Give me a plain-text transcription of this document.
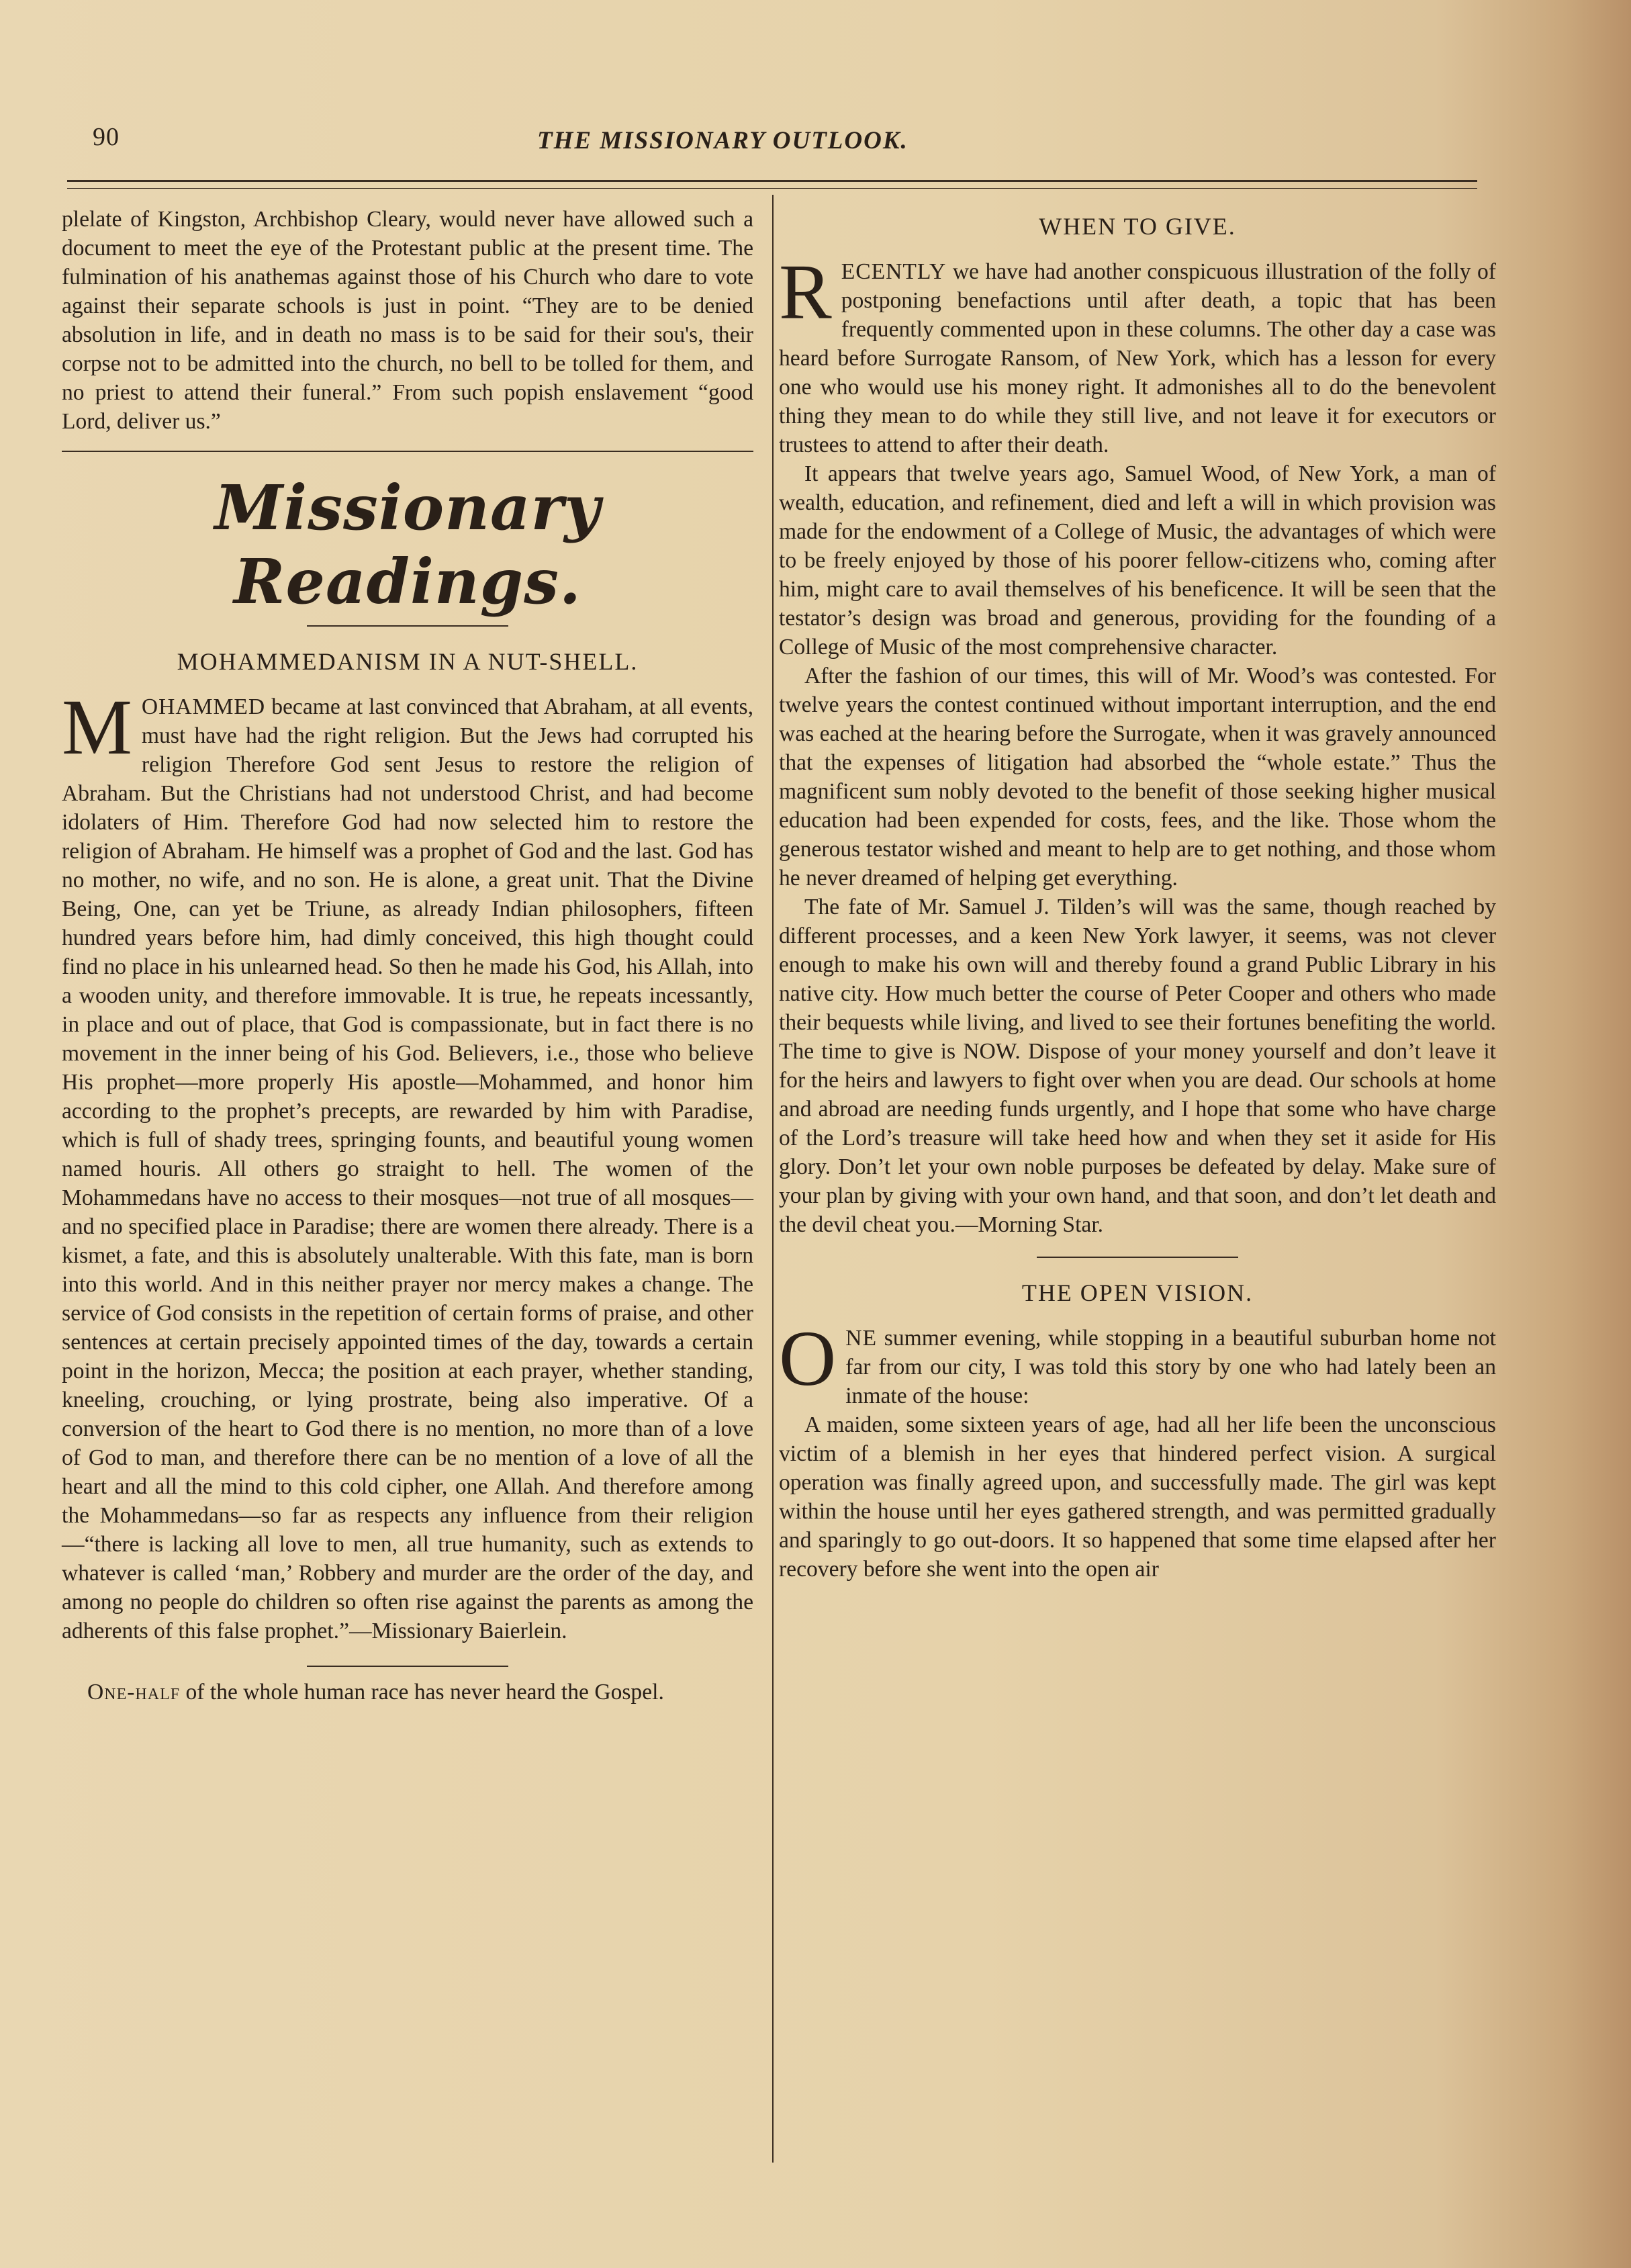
90	THE MISSIONARY OUTLOOK.

plelate of Kingston, Archbishop Cleary, would never have allowed such a document to meet the eye of the Protestant public at the present time. The fulmination of his anathemas against those of his Church who dare to vote against their separate schools is just in point. “They are to be denied absolution in life, and in death no mass is to be said for their sou's, their corpse not to be admitted into the church, no bell to be tolled for them, and no priest to attend their funeral.” From such popish enslavement “good Lord, deliver us.”

Missionary Readings.
MOHAMMEDANISM IN A NUT-SHELL.

MOHAMMED became at last convinced that Abraham, at all events, must have had the right religion. But the Jews had corrupted his religion Therefore God sent Jesus to restore the religion of Abraham. But the Christians had not understood Christ, and had become idolaters of Him. Therefore God had now selected him to restore the religion of Abraham. He himself was a prophet of God and the last. God has no mother, no wife, and no son. He is alone, a great unit. That the Divine Being, One, can yet be Triune, as already Indian philosophers, fifteen hundred years before him, had dimly conceived, this high thought could find no place in his unlearned head. So then he made his God, his Allah, into a wooden unity, and therefore immovable. It is true, he repeats incessantly, in place and out of place, that God is compassionate, but in fact there is no movement in the inner being of his God. Believers, i.e., those who believe His prophet—more properly His apostle—Mohammed, and honor him according to the prophet’s precepts, are rewarded by him with Paradise, which is full of shady trees, springing founts, and beautiful young women named houris. All others go straight to hell. The women of the Mohammedans have no access to their mosques—not true of all mosques—and no specified place in Paradise; there are women there already. There is a kismet, a fate, and this is absolutely unalterable. With this fate, man is born into this world. And in this neither prayer nor mercy makes a change. The service of God consists in the repetition of certain forms of praise, and other sentences at certain precisely appointed times of the day, towards a certain point in the horizon, Mecca; the position at each prayer, whether standing, kneeling, crouching, or lying prostrate, being also imperative. Of a conversion of the heart to God there is no mention, no more than of a love of God to man, and therefore there can be no mention of a love of all the heart and all the mind to this cold cipher, one Allah. And therefore among the Mohammedans—so far as respects any influence from their religion—“there is lacking all love to men, all true humanity, such as extends to whatever is called ‘man,’ Robbery and murder are the order of the day, and among no people do children so often rise against the parents as among the adherents of this false prophet.”—Missionary Baierlein.

One-half of the whole human race has never heard the Gospel.

WHEN TO GIVE.

RECENTLY we have had another conspicuous illustration of the folly of postponing benefactions until after death, a topic that has been frequently commented upon in these columns. The other day a case was heard before Surrogate Ransom, of New York, which has a lesson for every one who would use his money right. It admonishes all to do the benevolent thing they mean to do while they still live, and not leave it for executors or trustees to attend to after their death.

It appears that twelve years ago, Samuel Wood, of New York, a man of wealth, education, and refinement, died and left a will in which provision was made for the endowment of a College of Music, the advantages of which were to be freely enjoyed by those of his poorer fellow-citizens who, coming after him, might care to avail themselves of his beneficence. It will be seen that the testator’s design was broad and generous, providing for the founding of a College of Music of the most comprehensive character.

After the fashion of our times, this will of Mr. Wood’s was contested. For twelve years the contest continued without important interruption, and the end was eached at the hearing before the Surrogate, when it was gravely announced that the expenses of litigation had absorbed the “whole estate.” Thus the magnificent sum nobly devoted to the benefit of those seeking higher musical education had been expended for costs, fees, and the like. Those whom the generous testator wished and meant to help are to get nothing, and those whom he never dreamed of helping get everything.

The fate of Mr. Samuel J. Tilden’s will was the same, though reached by different processes, and a keen New York lawyer, it seems, was not clever enough to make his own will and thereby found a grand Public Library in his native city. How much better the course of Peter Cooper and others who made their bequests while living, and lived to see their fortunes benefiting the world. The time to give is NOW. Dispose of your money yourself and don’t leave it for the heirs and lawyers to fight over when you are dead. Our schools at home and abroad are needing funds urgently, and I hope that some who have charge of the Lord’s treasure will take heed how and when they set it aside for His glory. Don’t let your own noble purposes be defeated by delay. Make sure of your plan by giving with your own hand, and that soon, and don’t let death and the devil cheat you.—Morning Star.

THE OPEN VISION.

ONE summer evening, while stopping in a beautiful suburban home not far from our city, I was told this story by one who had lately been an inmate of the house:

A maiden, some sixteen years of age, had all her life been the unconscious victim of a blemish in her eyes that hindered perfect vision. A surgical operation was finally agreed upon, and successfully made. The girl was kept within the house until her eyes gathered strength, and was permitted gradually and sparingly to go out-doors. It so happened that some time elapsed after her recovery before she went into the open air
